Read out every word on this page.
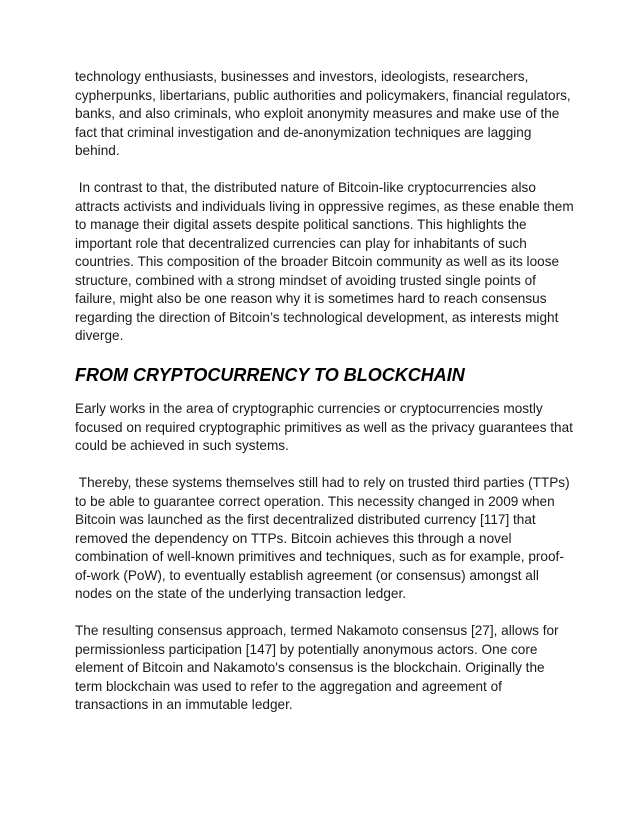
technology enthusiasts, businesses and investors, ideologists, researchers, cypherpunks, libertarians, public authorities and policymakers, financial regulators, banks, and also criminals, who exploit anonymity measures and make use of the fact that criminal investigation and de-anonymization techniques are lagging behind.

In contrast to that, the distributed nature of Bitcoin-like cryptocurrencies also attracts activists and individuals living in oppressive regimes, as these enable them to manage their digital assets despite political sanctions. This highlights the important role that decentralized currencies can play for inhabitants of such countries. This composition of the broader Bitcoin community as well as its loose structure, combined with a strong mindset of avoiding trusted single points of failure, might also be one reason why it is sometimes hard to reach consensus regarding the direction of Bitcoin’s technological development, as interests might diverge.

FROM CRYPTOCURRENCY TO BLOCKCHAIN

Early works in the area of cryptographic currencies or cryptocurrencies mostly focused on required cryptographic primitives as well as the privacy guarantees that could be achieved in such systems.

Thereby, these systems themselves still had to rely on trusted third parties (TTPs) to be able to guarantee correct operation. This necessity changed in 2009 when Bitcoin was launched as the first decentralized distributed currency [117] that removed the dependency on TTPs. Bitcoin achieves this through a novel combination of well-known primitives and techniques, such as for example, proof-of-work (PoW), to eventually establish agreement (or consensus) amongst all nodes on the state of the underlying transaction ledger.

The resulting consensus approach, termed Nakamoto consensus [27], allows for permissionless participation [147] by potentially anonymous actors. One core element of Bitcoin and Nakamoto's consensus is the blockchain. Originally the term blockchain was used to refer to the aggregation and agreement of transactions in an immutable ledger.
